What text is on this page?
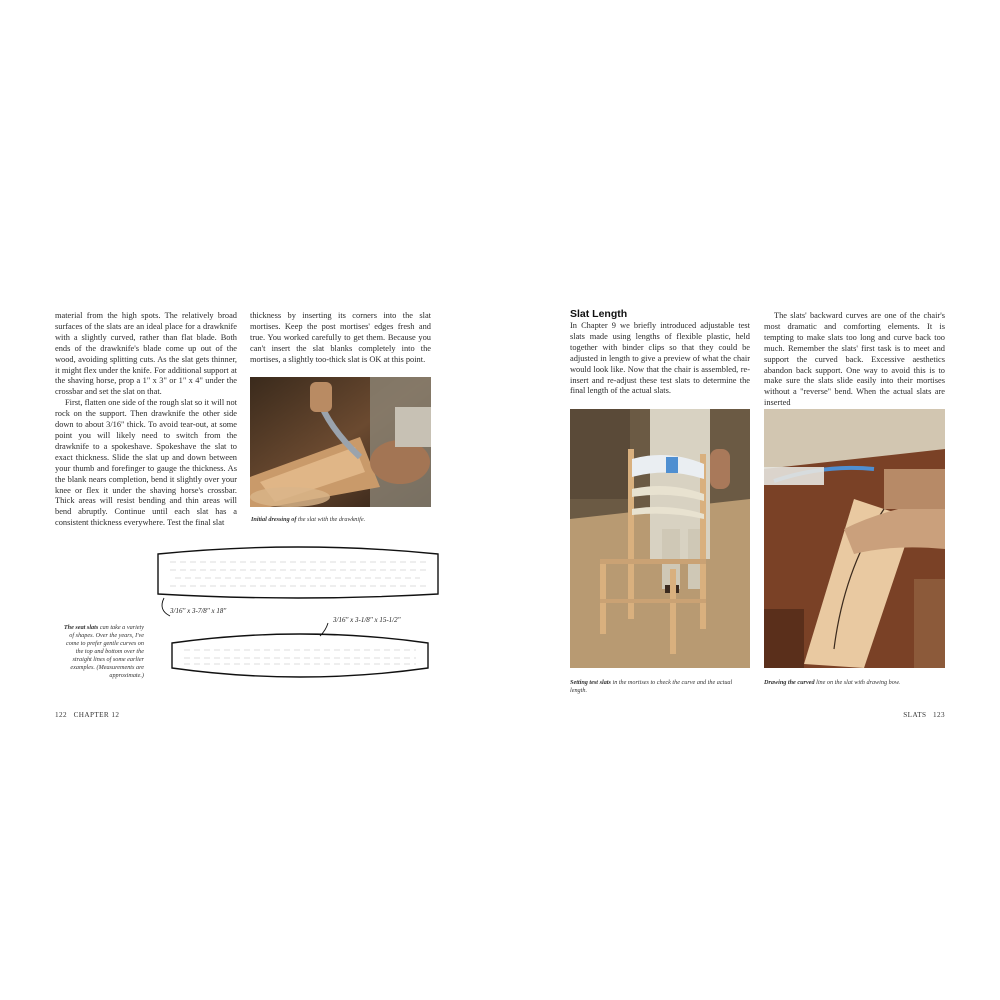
material from the high spots. The relatively broad surfaces of the slats are an ideal place for a drawknife with a slightly curved, rather than flat blade. Both ends of the drawknife's blade come up out of the wood, avoiding splitting cuts. As the slat gets thinner, it might flex under the knife. For additional support at the shaving horse, prop a 1" x 3" or 1" x 4" under the crossbar and set the slat on that.

First, flatten one side of the rough slat so it will not rock on the support. Then drawknife the other side down to about 3/16" thick. To avoid tear-out, at some point you will likely need to switch from the drawknife to a spokeshave. Spokeshave the slat to exact thickness. Slide the slat up and down between your thumb and forefinger to gauge the thickness. As the blank nears completion, bend it slightly over your knee or flex it under the shaving horse's crossbar. Thick areas will resist bending and thin areas will bend abruptly. Continue until each slat has a consistent thickness everywhere. Test the final slat

thickness by inserting its corners into the slat mortises. Keep the post mortises' edges fresh and true. You worked carefully to get them. Because you can't insert the slat blanks completely into the mortises, a slightly too-thick slat is OK at this point.

Initial dressing of the slat with the drawknife.
3/16" x 3-7/8" x 18"
3/16" x 3-1/8" x 15-1/2"
The seat slats can take a variety of shapes. Over the years, I've come to prefer gentle curves on the top and bottom over the straight lines of some earlier examples. (Measurements are approximate.)
122 CHAPTER 12
Slat Length

In Chapter 9 we briefly introduced adjustable test slats made using lengths of flexible plastic, held together with binder clips so that they could be adjusted in length to give a preview of what the chair would look like. Now that the chair is assembled, re-insert and re-adjust these test slats to determine the final length of the actual slats.

The slats' backward curves are one of the chair's most dramatic and comforting elements. It is tempting to make slats too long and curve back too much. Remember the slats' first task is to meet and support the curved back. Excessive aesthetics abandon back support. One way to avoid this is to make sure the slats slide easily into their mortises without a "reverse" bend. When the actual slats are inserted

Setting test slats in the mortises to check the curve and the actual length.
Drawing the curved line on the slat with drawing bow.
SLATS 123
